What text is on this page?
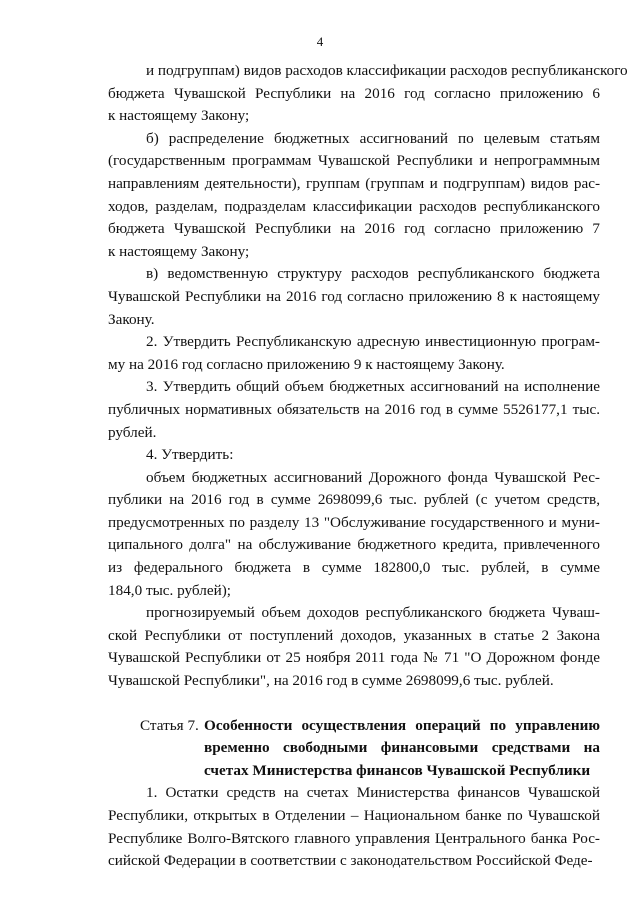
4
и подгруппам) видов расходов классификации расходов республиканского
бюджета Чувашской Республики на 2016 год согласно приложению 6
к настоящему Закону;
б) распределение бюджетных ассигнований по целевым статьям
(государственным программам Чувашской Республики и непрограммным
направлениям деятельности), группам (группам и подгруппам) видов рас-
ходов, разделам, подразделам классификации расходов республиканского
бюджета Чувашской Республики на 2016 год согласно приложению 7
к настоящему Закону;
в) ведомственную структуру расходов республиканского бюджета
Чувашской Республики на 2016 год согласно приложению 8 к настоящему
Закону.
2. Утвердить Республиканскую адресную инвестиционную програм-
му на 2016 год согласно приложению 9 к настоящему Закону.
3. Утвердить общий объем бюджетных ассигнований на исполнение
публичных нормативных обязательств на 2016 год в сумме 5526177,1 тыс.
рублей.
4. Утвердить:
объем бюджетных ассигнований Дорожного фонда Чувашской Рес-
публики на 2016 год в сумме 2698099,6 тыс. рублей (с учетом средств,
предусмотренных по разделу 13 "Обслуживание государственного и муни-
ципального долга" на обслуживание бюджетного кредита, привлеченного
из федерального бюджета в сумме 182800,0 тыс. рублей, в сумме
184,0 тыс. рублей);
прогнозируемый объем доходов республиканского бюджета Чуваш-
ской Республики от поступлений доходов, указанных в статье 2 Закона
Чувашской Республики от 25 ноября 2011 года № 71 "О Дорожном фонде
Чувашской Республики", на 2016 год в сумме 2698099,6 тыс. рублей.
Статья 7. Особенности осуществления операций по управлению
временно свободными финансовыми средствами на
счетах Министерства финансов Чувашской Республики
1. Остатки средств на счетах Министерства финансов Чувашской
Республики, открытых в Отделении – Национальном банке по Чувашской
Республике Волго-Вятского главного управления Центрального банка Рос-
сийской Федерации в соответствии с законодательством Российской Феде-
